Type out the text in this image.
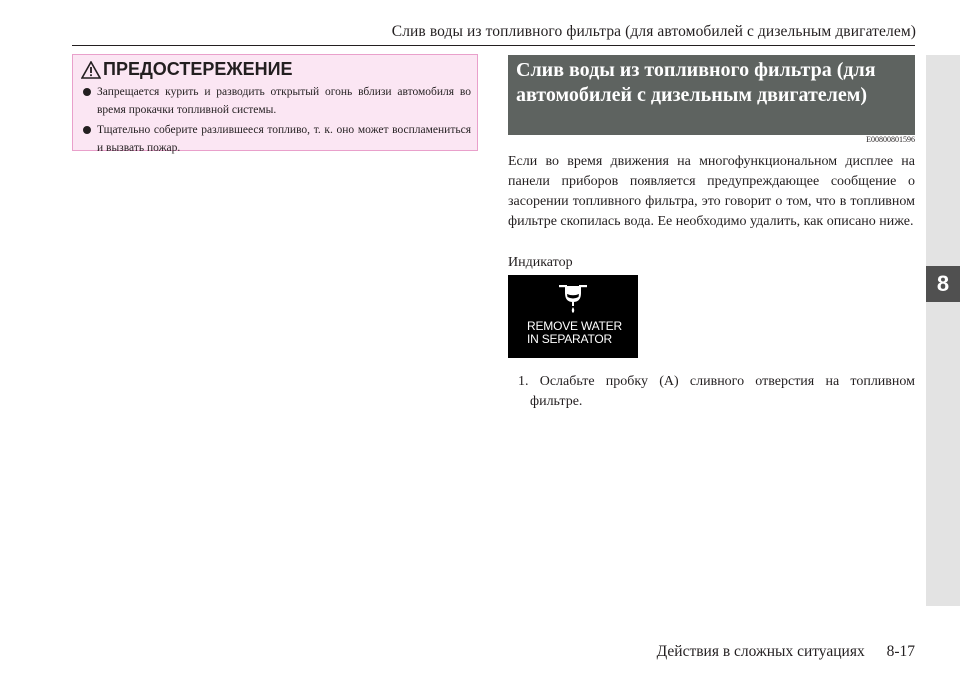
Слив воды из топливного фильтра (для автомобилей с дизельным двигателем)
8
ПРЕДОСТЕРЕЖЕНИЕ
Запрещается курить и разводить открытый огонь вблизи автомобиля во время прокачки топливной системы.
Тщательно соберите разлившееся топливо, т. к. оно может воспламениться и вызвать пожар.
Слив воды из топливного фильтра (для автомобилей с дизельным двигателем)
E00800801596
Если во время движения на многофункциональном дисплее на панели приборов появляется предупреждающее сообщение о засорении топливного фильтра, это говорит о том, что в топливном фильтре скопилась вода. Ее необходимо удалить, как описано ниже.
Индикатор
REMOVE WATER
IN SEPARATOR
1. Ослабьте пробку (A) сливного отверстия на топливном фильтре.
Действия в сложных ситуациях 8-17
